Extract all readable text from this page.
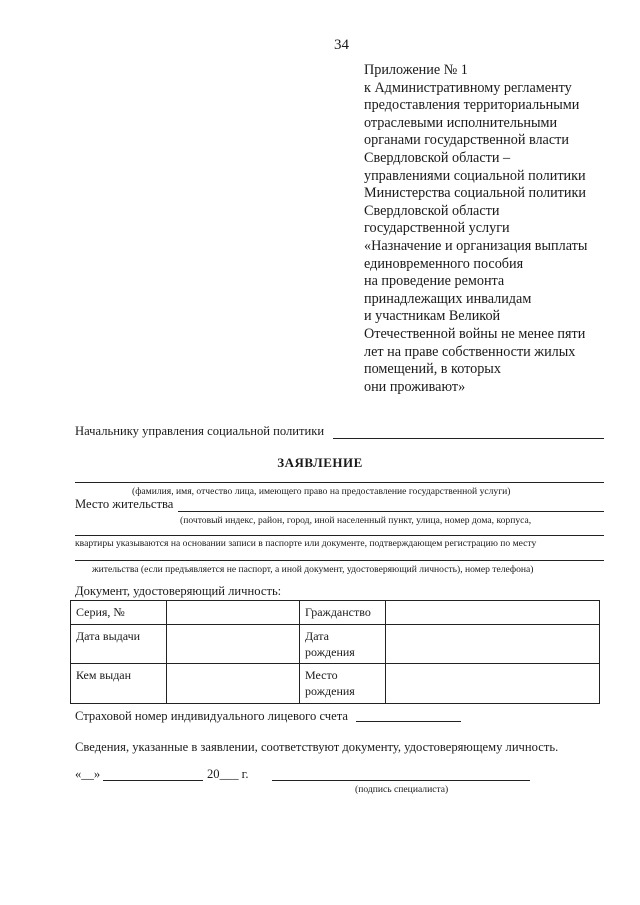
34
Приложение № 1
к Административному регламенту
предоставления территориальными
отраслевыми исполнительными
органами государственной власти
Свердловской области –
управлениями социальной политики
Министерства социальной политики
Свердловской области
государственной услуги
«Назначение и организация выплаты
единовременного пособия
на проведение ремонта
принадлежащих инвалидам
и участникам Великой
Отечественной войны не менее пяти
лет на праве собственности жилых
помещений, в которых
они проживают»
Начальнику управления социальной политики
ЗАЯВЛЕНИЕ
(фамилия, имя, отчество лица, имеющего право на предоставление государственной услуги)
Место жительства
(почтовый индекс, район, город, иной населенный пункт, улица, номер дома, корпуса,
квартиры указываются на основании записи в паспорте или документе, подтверждающем регистрацию по месту
жительства (если предъявляется не паспорт, а иной документ, удостоверяющий личность), номер телефона)
Документ, удостоверяющий личность:
Серия, №		Гражданство	
Дата выдачи		Дата
рождения	
Кем выдан		Место
рождения	
Страховой номер индивидуального лицевого счета
Сведения, указанные в заявлении, соответствуют документу, удостоверяющему личность.
«__»	20___ г.
(подпись специалиста)
